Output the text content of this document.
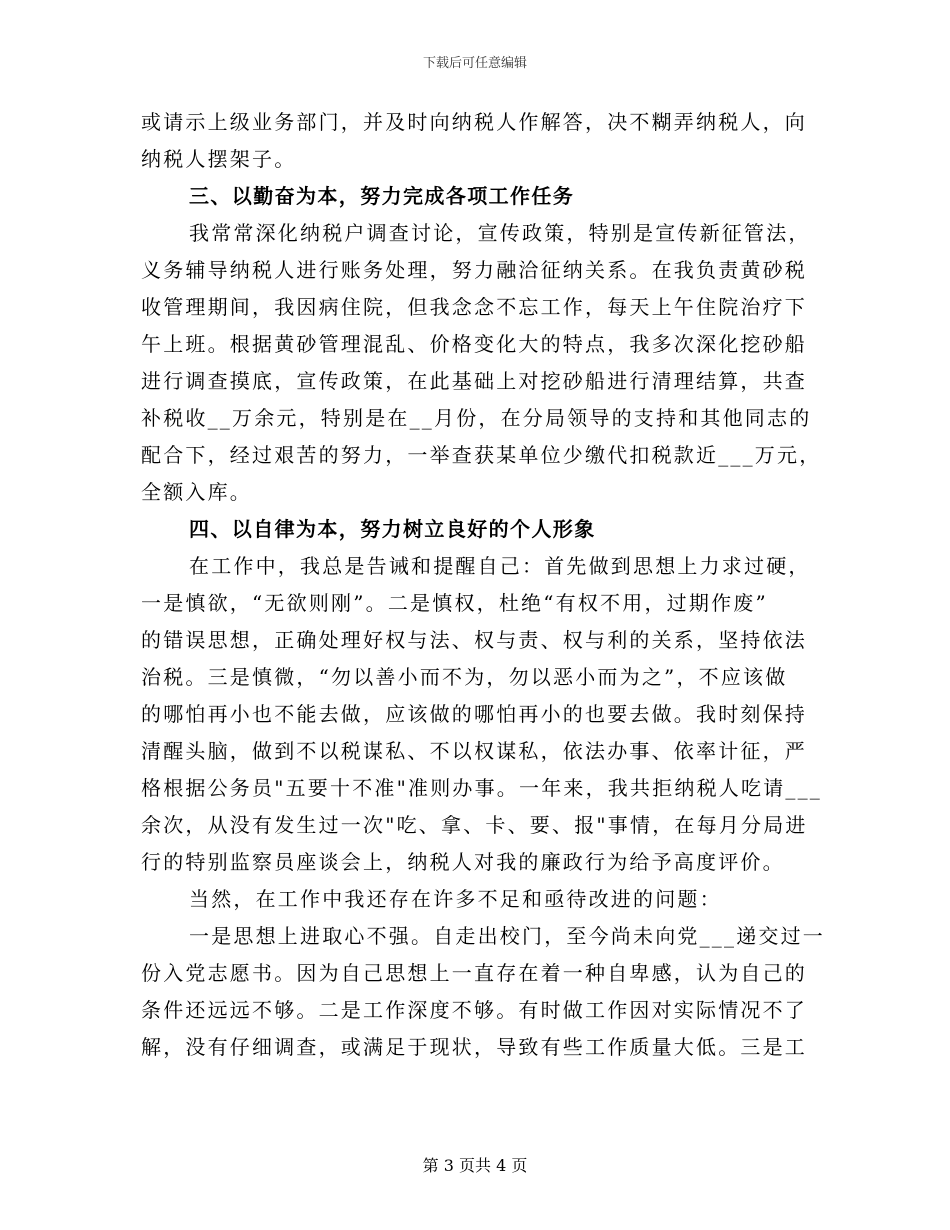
下载后可任意编辑
或请示上级业务部门，并及时向纳税人作解答，决不糊弄纳税人，向
纳税人摆架子。
三、以勤奋为本，努力完成各项工作任务
我常常深化纳税户调查讨论，宣传政策，特别是宣传新征管法，
义务辅导纳税人进行账务处理，努力融洽征纳关系。在我负责黄砂税
收管理期间，我因病住院，但我念念不忘工作，每天上午住院治疗下
午上班。根据黄砂管理混乱、价格变化大的特点，我多次深化挖砂船
进行调查摸底，宣传政策，在此基础上对挖砂船进行清理结算，共查
补税收__万余元，特别是在__月份，在分局领导的支持和其他同志的
配合下，经过艰苦的努力，一举查获某单位少缴代扣税款近___万元，
全额入库。
四、以自律为本，努力树立良好的个人形象
在工作中，我总是告诫和提醒自己：首先做到思想上力求过硬，
一是慎欲，“无欲则刚”。二是慎权，杜绝“有权不用，过期作废”
的错误思想，正确处理好权与法、权与责、权与利的关系，坚持依法
治税。三是慎微，“勿以善小而不为，勿以恶小而为之”，不应该做
的哪怕再小也不能去做，应该做的哪怕再小的也要去做。我时刻保持
清醒头脑，做到不以税谋私、不以权谋私，依法办事、依率计征，严
格根据公务员"五要十不准"准则办事。一年来，我共拒纳税人吃请___
余次，从没有发生过一次"吃、拿、卡、要、报"事情，在每月分局进
行的特别监察员座谈会上，纳税人对我的廉政行为给予高度评价。
当然，在工作中我还存在许多不足和亟待改进的问题：
一是思想上进取心不强。自走出校门，至今尚未向党___递交过一
份入党志愿书。因为自己思想上一直存在着一种自卑感，认为自己的
条件还远远不够。二是工作深度不够。有时做工作因对实际情况不了
解，没有仔细调查，或满足于现状，导致有些工作质量大低。三是工
第 3 页共 4 页
